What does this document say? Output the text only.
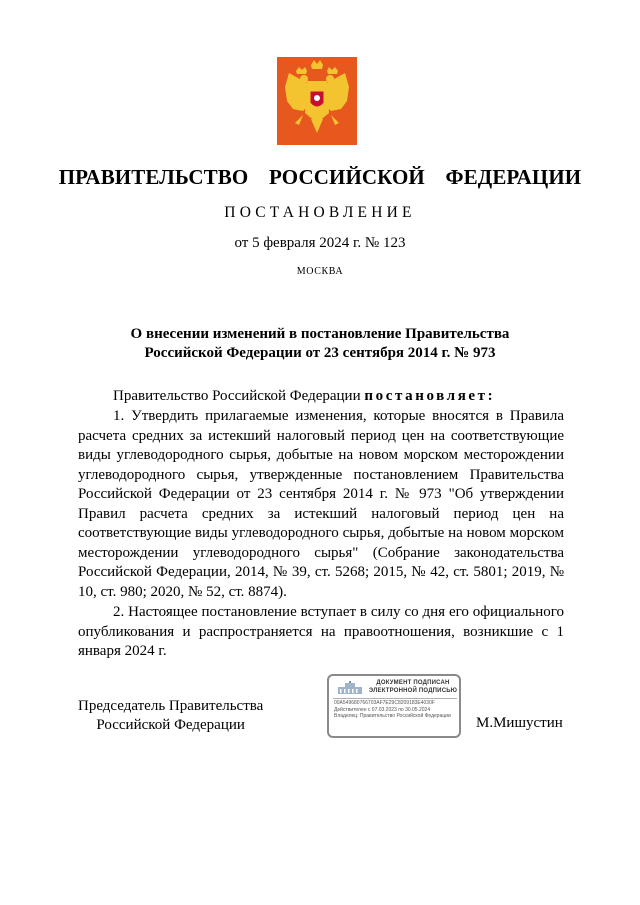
ПРАВИТЕЛЬСТВО  РОССИЙСКОЙ  ФЕДЕРАЦИИ
ПОСТАНОВЛЕНИЕ
от 5 февраля 2024 г. № 123
МОСКВА
О внесении изменений в постановление Правительства
Российской Федерации от 23 сентября 2014 г. № 973

Правительство Российской Федерации постановляет:

1. Утвердить прилагаемые изменения, которые вносятся в Правила расчета средних за истекший налоговый период цен на соответствующие виды углеводородного сырья, добытые на новом морском месторождении углеводородного сырья, утвержденные постановлением Правительства Российской Федерации от 23 сентября 2014 г. № 973 "Об утверждении Правил расчета средних за истекший налоговый период цен на соответствующие виды углеводородного сырья, добытые на новом морском месторождении углеводородного сырья" (Собрание законодательства Российской Федерации, 2014, № 39, ст. 5268; 2015, № 42, ст. 5801; 2019, № 10, ст. 980; 2020, № 52, ст. 8874).

2. Настоящее постановление вступает в силу со дня его официального опубликования и распространяется на правоотношения, возникшие с 1 января 2024 г.

Председатель Правительства
Российской Федерации
ДОКУМЕНТ ПОДПИСАН
ЭЛЕКТРОННОЙ ПОДПИСЬЮ
00A549680766703AF7E29C8209183E4030F
Действителен с 07.03.2023 по 30.05.2024
Владелец: Правительство Российской Федерации	М.Мишустин
